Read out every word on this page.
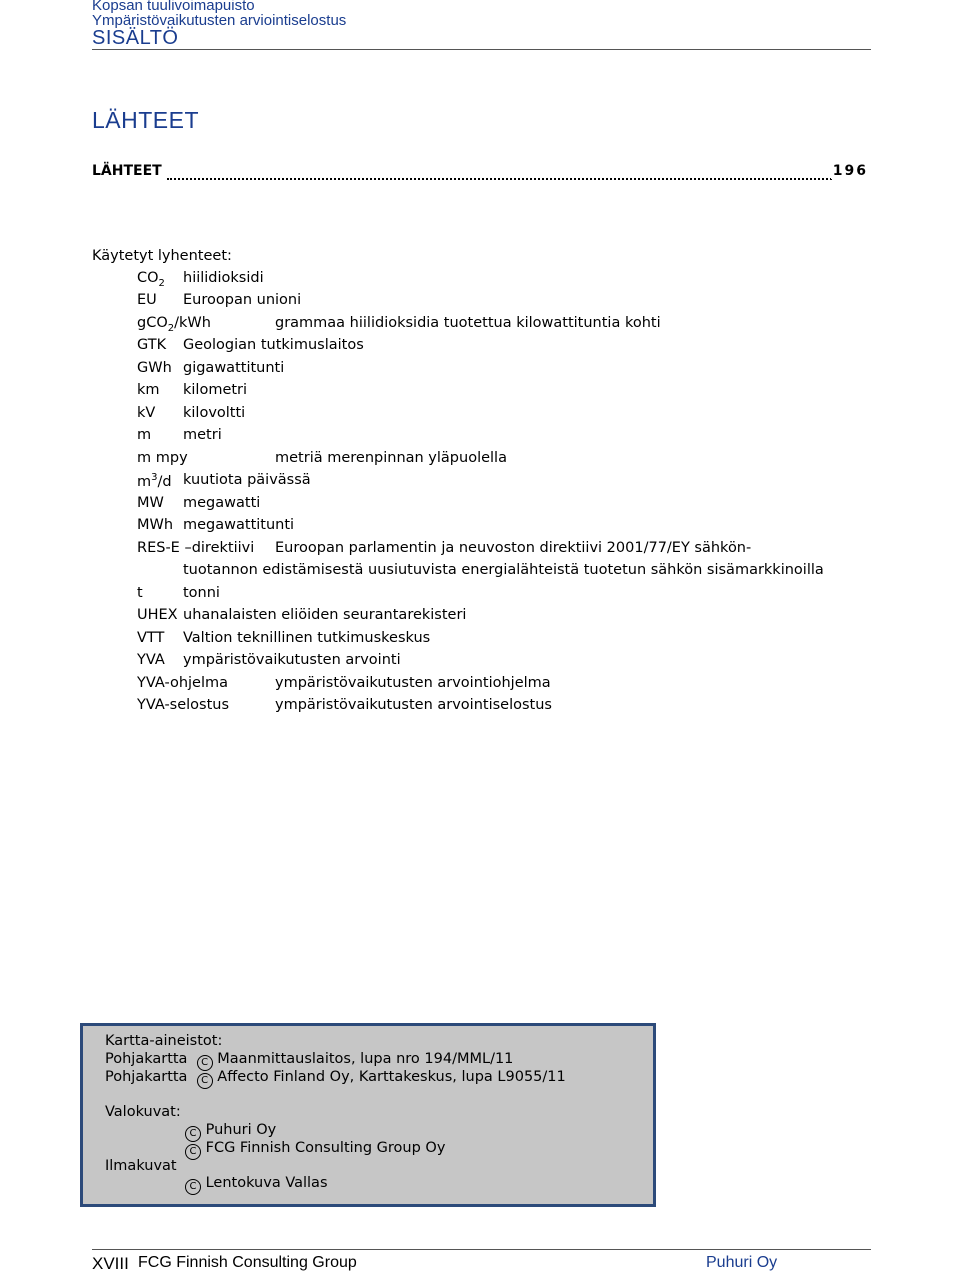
Kopsan tuulivoimapuisto
Ympäristövaikutusten arviointiselostus
SISÄLTÖ
LÄHTEET
LÄHTEET	196
Käytetyt lyhenteet:
$CO_2$ hiilidioksidi
EU Euroopan unioni
gCO$_2$/kWh	grammaa hiilidioksidia tuotettua kilowattituntia kohti
GTK Geologian tutkimuslaitos
GWh gigawattitunti
km kilometri
kV kilovoltti
m metri
m mpy	metriä merenpinnan yläpuolella
$m^3/d$ kuutiota päivässä
MW megawatti
MWh megawattitunti
RES-E –direktiivi Euroopan parlamentin ja neuvoston direktiivi 2001/77/EY sähkön-
tuotannon edistämisestä uusiutuvista energialähteistä tuotetun sähkön sisämarkkinoilla
t	tonni
UHEX uhanalaisten eliöiden seurantarekisteri
VTT Valtion teknillinen tutkimuskeskus
YVA ympäristövaikutusten arvointi
YVA-ohjelma	ympäristövaikutusten arvointiohjelma
YVA-selostus	ympäristövaikutusten arvointiselostus
Kartta-aineistot:
Pohjakartta C Maanmittauslaitos, lupa nro 194/MML/11
Pohjakartta C Affecto Finland Oy, Karttakeskus, lupa L9055/11
Valokuvat:
C Puhuri Oy
C FCG Finnish Consulting Group Oy
Ilmakuvat
C Lentokuva Vallas
XVIII FCG Finnish Consulting Group	Puhuri Oy
